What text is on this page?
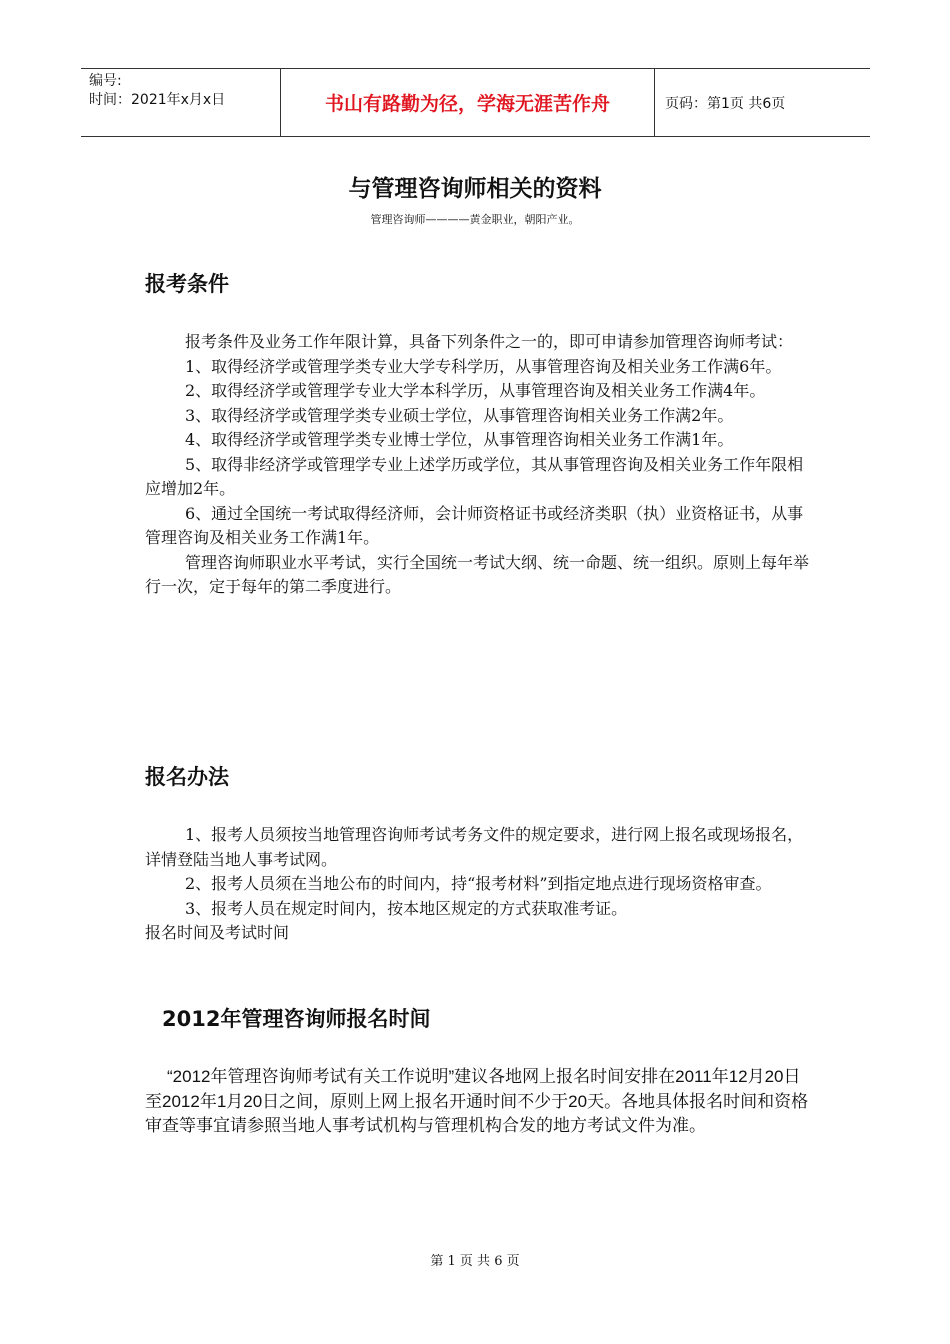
编号:
时间：2021年x月x日	书山有路勤为径，学海无涯苦作舟	页码：第1页 共6页
与管理咨询师相关的资料
管理咨询师————黄金职业，朝阳产业。
报考条件

报考条件及业务工作年限计算，具备下列条件之一的，即可申请参加管理咨询师考试：

1、取得经济学或管理学类专业大学专科学历，从事管理咨询及相关业务工作满6年。

2、取得经济学或管理学专业大学本科学历，从事管理咨询及相关业务工作满4年。

3、取得经济学或管理学类专业硕士学位，从事管理咨询相关业务工作满2年。

4、取得经济学或管理学类专业博士学位，从事管理咨询相关业务工作满1年。

5、取得非经济学或管理学专业上述学历或学位，其从事管理咨询及相关业务工作年限相应增加2年。

6、通过全国统一考试取得经济师，会计师资格证书或经济类职（执）业资格证书，从事管理咨询及相关业务工作满1年。

管理咨询师职业水平考试，实行全国统一考试大纲、统一命题、统一组织。原则上每年举行一次，定于每年的第二季度进行。

报名办法

1、报考人员须按当地管理咨询师考试考务文件的规定要求，进行网上报名或现场报名，详情登陆当地人事考试网。

2、报考人员须在当地公布的时间内，持“报考材料”到指定地点进行现场资格审查。

3、报考人员在规定时间内，按本地区规定的方式获取准考证。

报名时间及考试时间

2012年管理咨询师报名时间

“2012年管理咨询师考试有关工作说明”建议各地网上报名时间安排在2011年12月20日至2012年1月20日之间，原则上网上报名开通时间不少于20天。各地具体报名时间和资格审查等事宜请参照当地人事考试机构与管理机构合发的地方考试文件为准。

第 1 页 共 6 页
